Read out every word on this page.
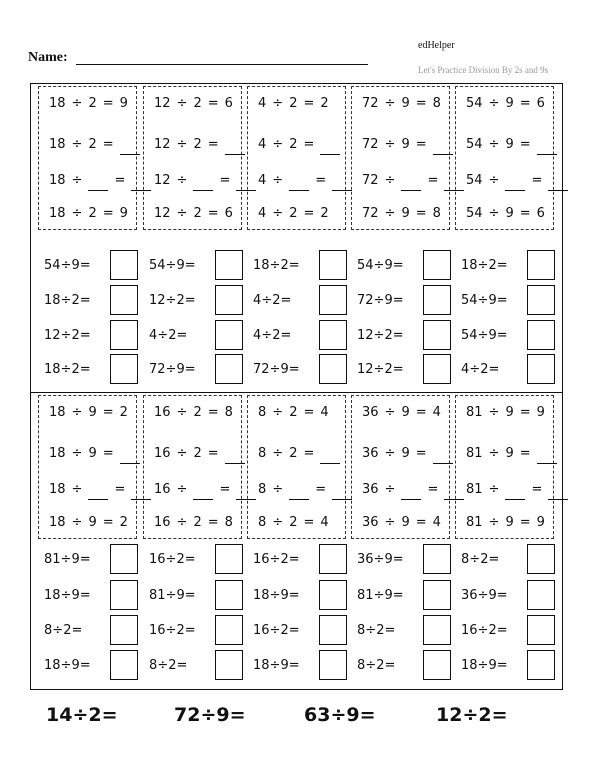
Name:
edHelper
Let's Practice Division By 2s and 9s
18 ÷ 2 = 9
18 ÷ 2 =
18 ÷ =
18 ÷ 2 = 9
12 ÷ 2 = 6
12 ÷ 2 =
12 ÷ =
12 ÷ 2 = 6
4 ÷ 2 = 2
4 ÷ 2 =
4 ÷ =
4 ÷ 2 = 2
72 ÷ 9 = 8
72 ÷ 9 =
72 ÷ =
72 ÷ 9 = 8
54 ÷ 9 = 6
54 ÷ 9 =
54 ÷ =
54 ÷ 9 = 6
54÷9=	54÷9=	18÷2=	54÷9=	18÷2=
18÷2=	12÷2=	4÷2=	72÷9=	54÷9=
12÷2=	4÷2=	4÷2=	12÷2=	54÷9=
18÷2=	72÷9=	72÷9=	12÷2=	4÷2=
18 ÷ 9 = 2
18 ÷ 9 =
18 ÷ =
18 ÷ 9 = 2
16 ÷ 2 = 8
16 ÷ 2 =
16 ÷ =
16 ÷ 2 = 8
8 ÷ 2 = 4
8 ÷ 2 =
8 ÷ =
8 ÷ 2 = 4
36 ÷ 9 = 4
36 ÷ 9 =
36 ÷ =
36 ÷ 9 = 4
81 ÷ 9 = 9
81 ÷ 9 =
81 ÷ =
81 ÷ 9 = 9
81÷9=	16÷2=	16÷2=	36÷9=	8÷2=
18÷9=	81÷9=	18÷9=	81÷9=	36÷9=
8÷2=	16÷2=	16÷2=	8÷2=	16÷2=
18÷9=	8÷2=	18÷9=	8÷2=	18÷9=
14÷2=	72÷9=	63÷9=	12÷2=
